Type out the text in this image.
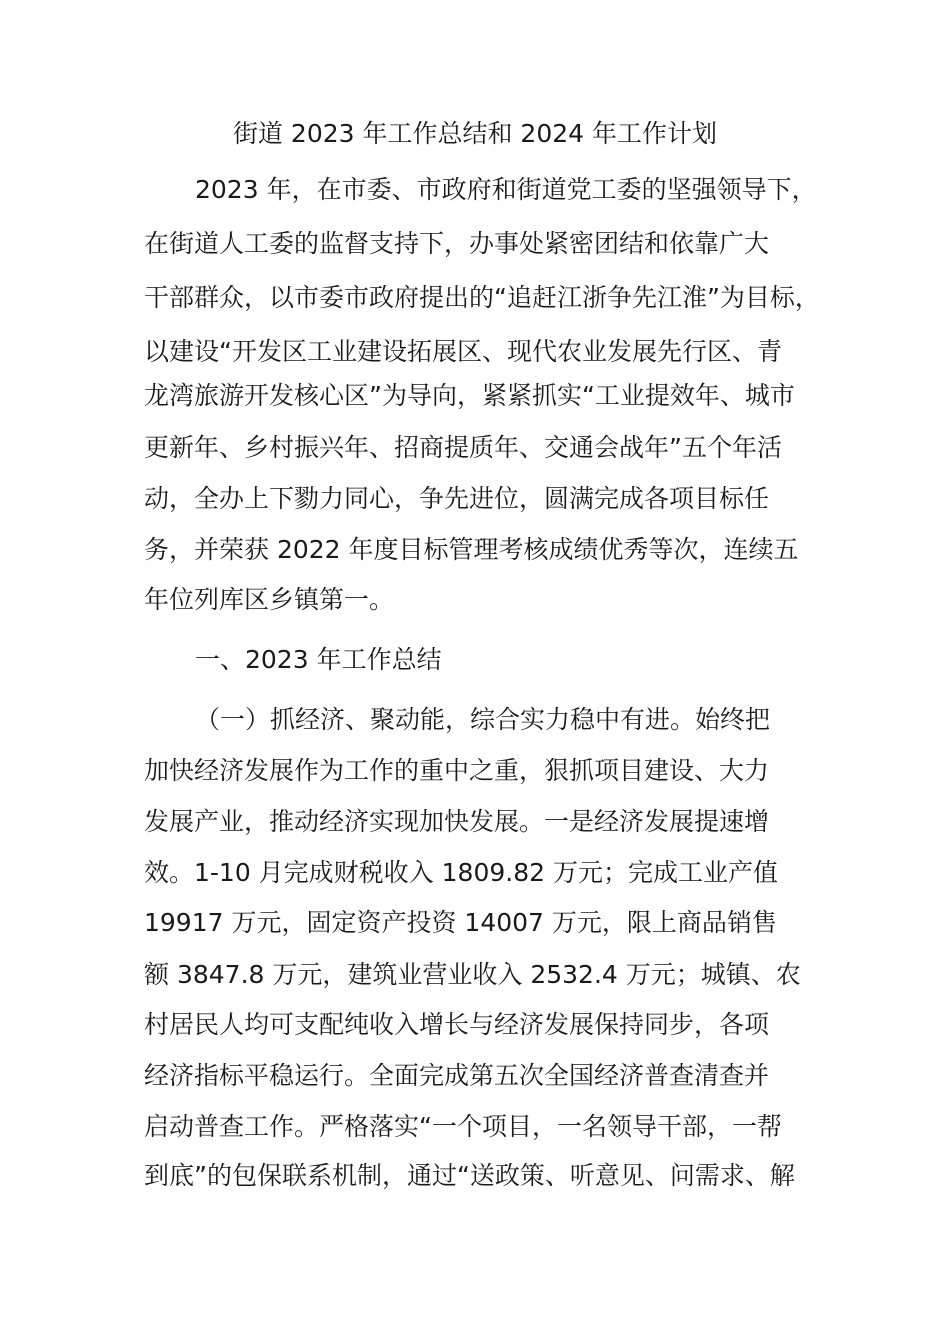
街道 2023 年工作总结和 2024 年工作计划
2023 年，在市委、市政府和街道党工委的坚强领导下，
在街道人工委的监督支持下，办事处紧密团结和依靠广大
干部群众，以市委市政府提出的“追赶江浙争先江淮”为目标，
以建设“开发区工业建设拓展区、现代农业发展先行区、青
龙湾旅游开发核心区”为导向，紧紧抓实“工业提效年、城市
更新年、乡村振兴年、招商提质年、交通会战年”五个年活
动，全办上下勠力同心，争先进位，圆满完成各项目标任
务，并荣获 2022 年度目标管理考核成绩优秀等次，连续五
年位列库区乡镇第一。
一、2023 年工作总结
（一）抓经济、聚动能，综合实力稳中有进。始终把
加快经济发展作为工作的重中之重，狠抓项目建设、大力
发展产业，推动经济实现加快发展。一是经济发展提速增
效。1-10 月完成财税收入 1809.82 万元；完成工业产值
19917 万元，固定资产投资 14007 万元，限上商品销售
额 3847.8 万元，建筑业营业收入 2532.4 万元；城镇、农
村居民人均可支配纯收入增长与经济发展保持同步，各项
经济指标平稳运行。全面完成第五次全国经济普查清查并
启动普查工作。严格落实“一个项目，一名领导干部，一帮
到底”的包保联系机制，通过“送政策、听意见、问需求、解
